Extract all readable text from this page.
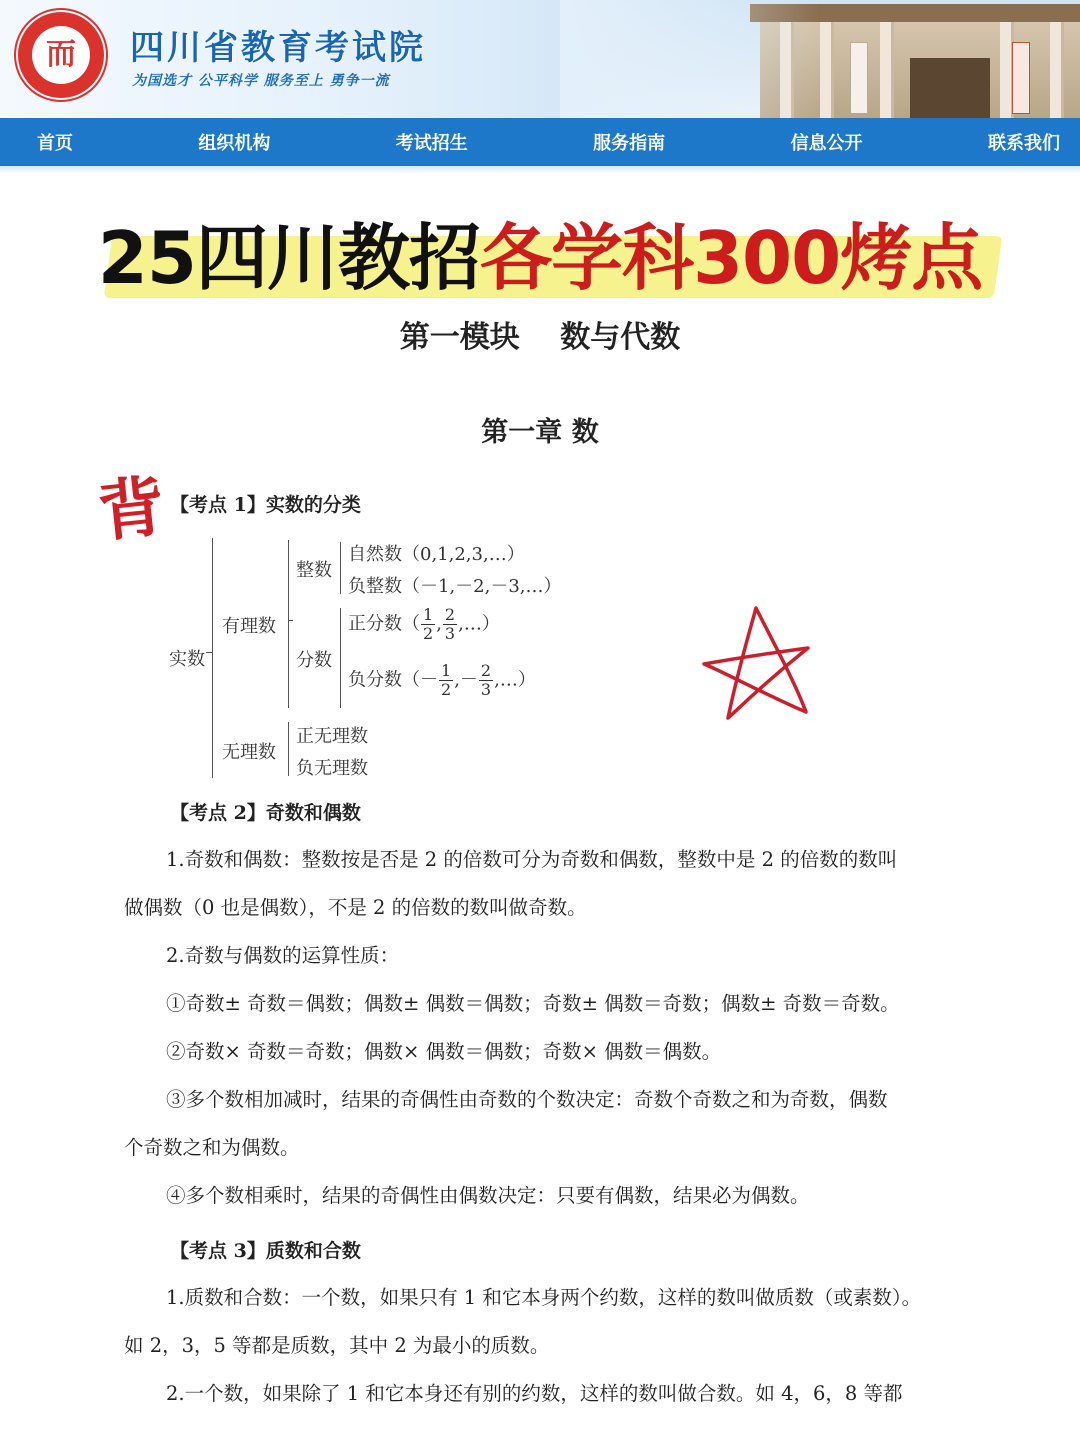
而	四川省教育考试院
为国选才 公平科学 服务至上 勇争一流
首页	组织机构	考试招生	服务指南	信息公开	联系我们
25四川教招各学科300烤点
第一模块　 数与代数
第一章 数
背 【考点 1】实数的分类
实数
有理数
整数
自然数（0,1,2,3,…）
负整数（－1,－2,－3,…）
分数
正分数（ $\frac{1}{2}$ , $\frac{2}{3}$ ,…）
负分数（－ $\frac{1}{2}$ ,－ $\frac{2}{3}$ ,…）
无理数
正无理数
负无理数
【考点 2】奇数和偶数
1.奇数和偶数：整数按是否是 2 的倍数可分为奇数和偶数，整数中是 2 的倍数的数叫
做偶数（0 也是偶数），不是 2 的倍数的数叫做奇数。
2.奇数与偶数的运算性质：
①奇数± 奇数＝偶数；偶数± 偶数＝偶数；奇数± 偶数＝奇数；偶数± 奇数＝奇数。
②奇数× 奇数＝奇数；偶数× 偶数＝偶数；奇数× 偶数＝偶数。
③多个数相加减时，结果的奇偶性由奇数的个数决定：奇数个奇数之和为奇数，偶数
个奇数之和为偶数。
④多个数相乘时，结果的奇偶性由偶数决定：只要有偶数，结果必为偶数。
【考点 3】质数和合数
1.质数和合数：一个数，如果只有 1 和它本身两个约数，这样的数叫做质数（或素数）。
如 2，3，5 等都是质数，其中 2 为最小的质数。
2.一个数，如果除了 1 和它本身还有别的约数，这样的数叫做合数。如 4，6，8 等都
